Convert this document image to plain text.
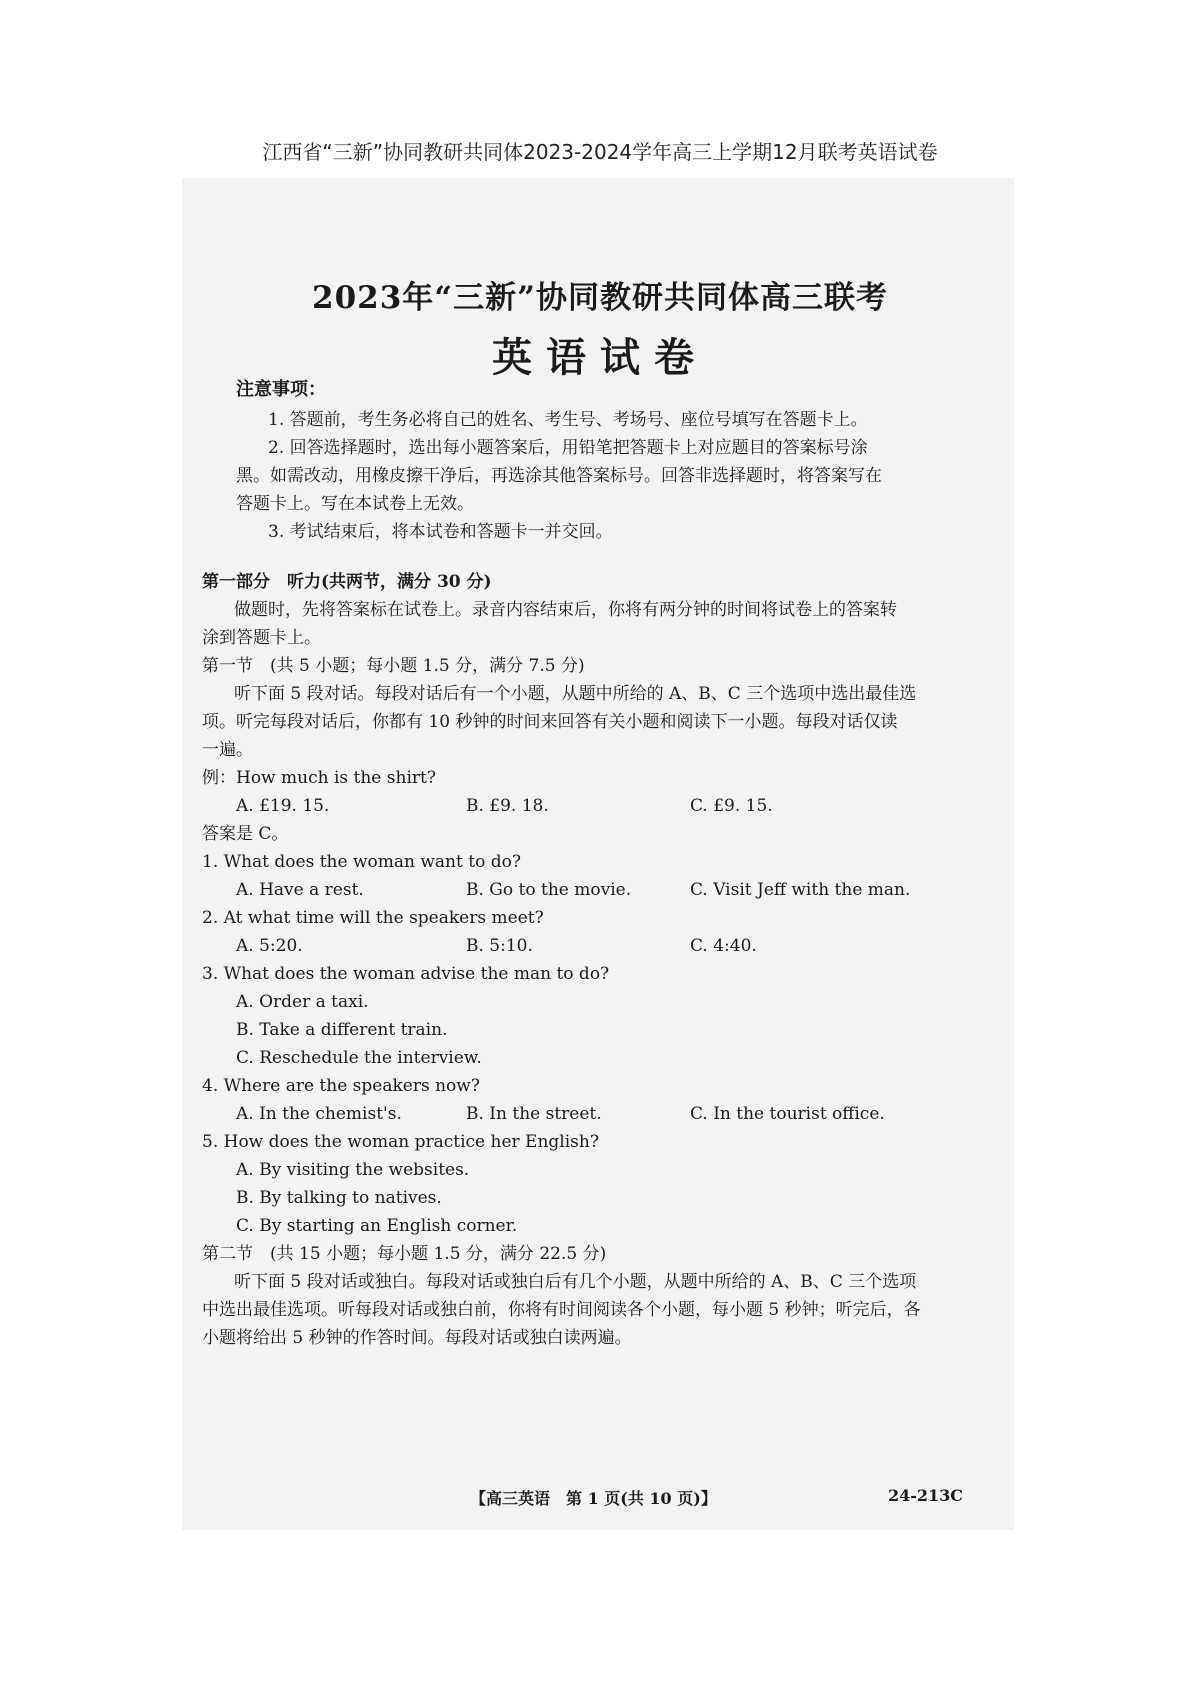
江西省“三新”协同教研共同体2023-2024学年高三上学期12月联考英语试卷
2023年“三新”协同教研共同体高三联考
英语试卷
注意事项：
1. 答题前，考生务必将自己的姓名、考生号、考场号、座位号填写在答题卡上。
2. 回答选择题时，选出每小题答案后，用铅笔把答题卡上对应题目的答案标号涂
黑。如需改动，用橡皮擦干净后，再选涂其他答案标号。回答非选择题时，将答案写在
答题卡上。写在本试卷上无效。
3. 考试结束后，将本试卷和答题卡一并交回。
第一部分　听力(共两节，满分 30 分)
做题时，先将答案标在试卷上。录音内容结束后，你将有两分钟的时间将试卷上的答案转
涂到答题卡上。
第一节　(共 5 小题；每小题 1.5 分，满分 7.5 分)
听下面 5 段对话。每段对话后有一个小题，从题中所给的 A、B、C 三个选项中选出最佳选
项。听完每段对话后，你都有 10 秒钟的时间来回答有关小题和阅读下一小题。每段对话仅读
一遍。
例：How much is the shirt?
A. £19. 15.	B. £9. 18.	C. £9. 15.
答案是 C。
1. What does the woman want to do?
A. Have a rest.	B. Go to the movie.	C. Visit Jeff with the man.
2. At what time will the speakers meet?
A. 5:20.	B. 5:10.	C. 4:40.
3. What does the woman advise the man to do?
A. Order a taxi.
B. Take a different train.
C. Reschedule the interview.
4. Where are the speakers now?
A. In the chemist's.	B. In the street.	C. In the tourist office.
5. How does the woman practice her English?
A. By visiting the websites.
B. By talking to natives.
C. By starting an English corner.
第二节　(共 15 小题；每小题 1.5 分，满分 22.5 分)
听下面 5 段对话或独白。每段对话或独白后有几个小题，从题中所给的 A、B、C 三个选项
中选出最佳选项。听每段对话或独白前，你将有时间阅读各个小题，每小题 5 秒钟；听完后，各
小题将给出 5 秒钟的作答时间。每段对话或独白读两遍。
【高三英语　第 1 页(共 10 页)】	24-213C
